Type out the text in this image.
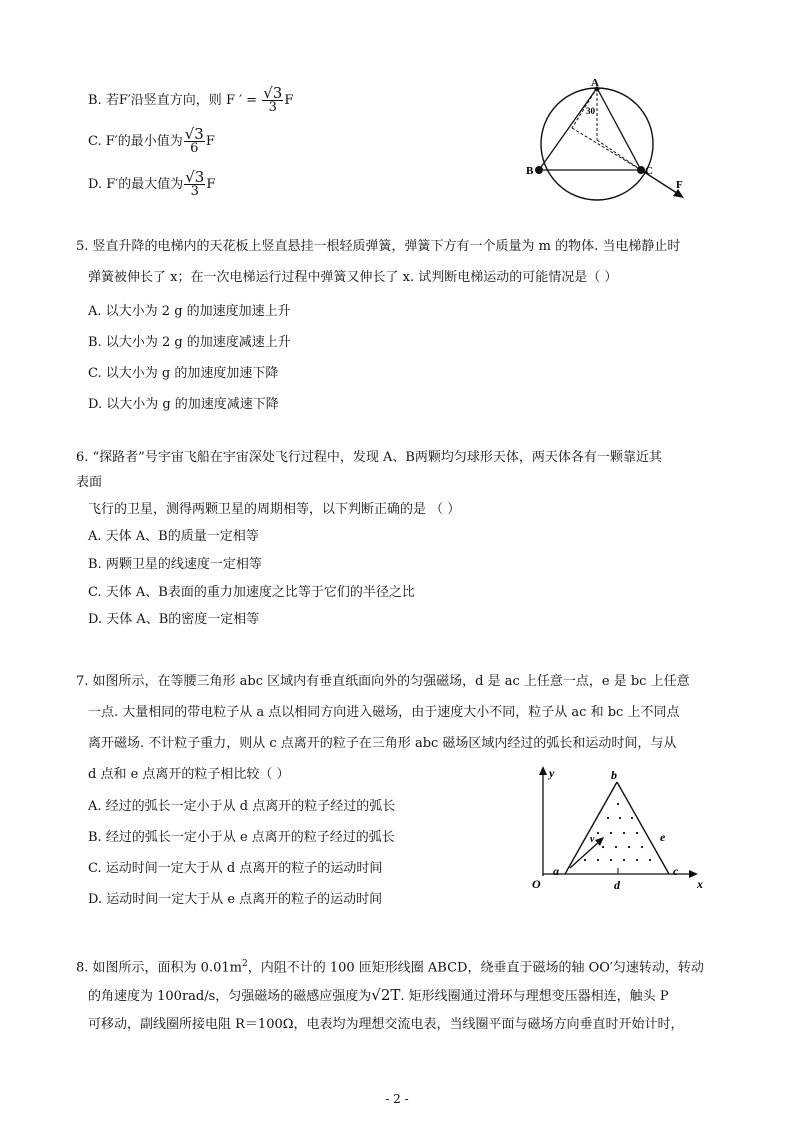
B. 若F′沿竖直方向，则 F ′ = $\frac{√3}{3}$ F
C. F′的最小值为 $\frac{√3}{6}$ F
D. F′的最大值为 $\frac{√3}{3}$ F
A
30
B	C
F
5. 竖直升降的电梯内的天花板上竖直悬挂一根轻质弹簧，弹簧下方有一个质量为 m 的物体. 当电梯静止时
弹簧被伸长了 x；在一次电梯运行过程中弹簧又伸长了 x. 试判断电梯运动的可能情况是（ ）
A. 以大小为 2 g 的加速度加速上升
B. 以大小为 2 g 的加速度减速上升
C. 以大小为 g 的加速度加速下降
D. 以大小为 g 的加速度减速下降
6. “探路者”号宇宙飞船在宇宙深处飞行过程中，发现 A、B两颗均匀球形天体，两天体各有一颗靠近其
表面
飞行的卫星，测得两颗卫星的周期相等，以下判断正确的是 （ ）
A. 天体 A、B的质量一定相等
B. 两颗卫星的线速度一定相等
C. 天体 A、B表面的重力加速度之比等于它们的半径之比
D. 天体 A、B的密度一定相等
7. 如图所示，在等腰三角形 abc 区域内有垂直纸面向外的匀强磁场，d 是 ac 上任意一点，e 是 bc 上任意
一点. 大量相同的带电粒子从 a 点以相同方向进入磁场，由于速度大小不同，粒子从 ac 和 bc 上不同点
离开磁场. 不计粒子重力，则从 c 点离开的粒子在三角形 abc 磁场区域内经过的弧长和运动时间，与从
d 点和 e 点离开的粒子相比较（ ）
A. 经过的弧长一定小于从 d 点离开的粒子经过的弧长
B. 经过的弧长一定小于从 e 点离开的粒子经过的弧长
C. 运动时间一定大于从 d 点离开的粒子的运动时间
D. 运动时间一定大于从 e 点离开的粒子的运动时间
y
x
O
a
b
c
d
e
v
8. 如图所示，面积为 $0.01m^2$，内阻不计的 100 匝矩形线圈 ABCD，绕垂直于磁场的轴 OO′匀速转动，转动
的角速度为 100rad/s，匀强磁场的磁感应强度为√2T. 矩形线圈通过滑环与理想变压器相连，触头 P
可移动，副线圈所接电阻 R＝100Ω，电表均为理想交流电表，当线圈平面与磁场方向垂直时开始计时，
- 2 -
